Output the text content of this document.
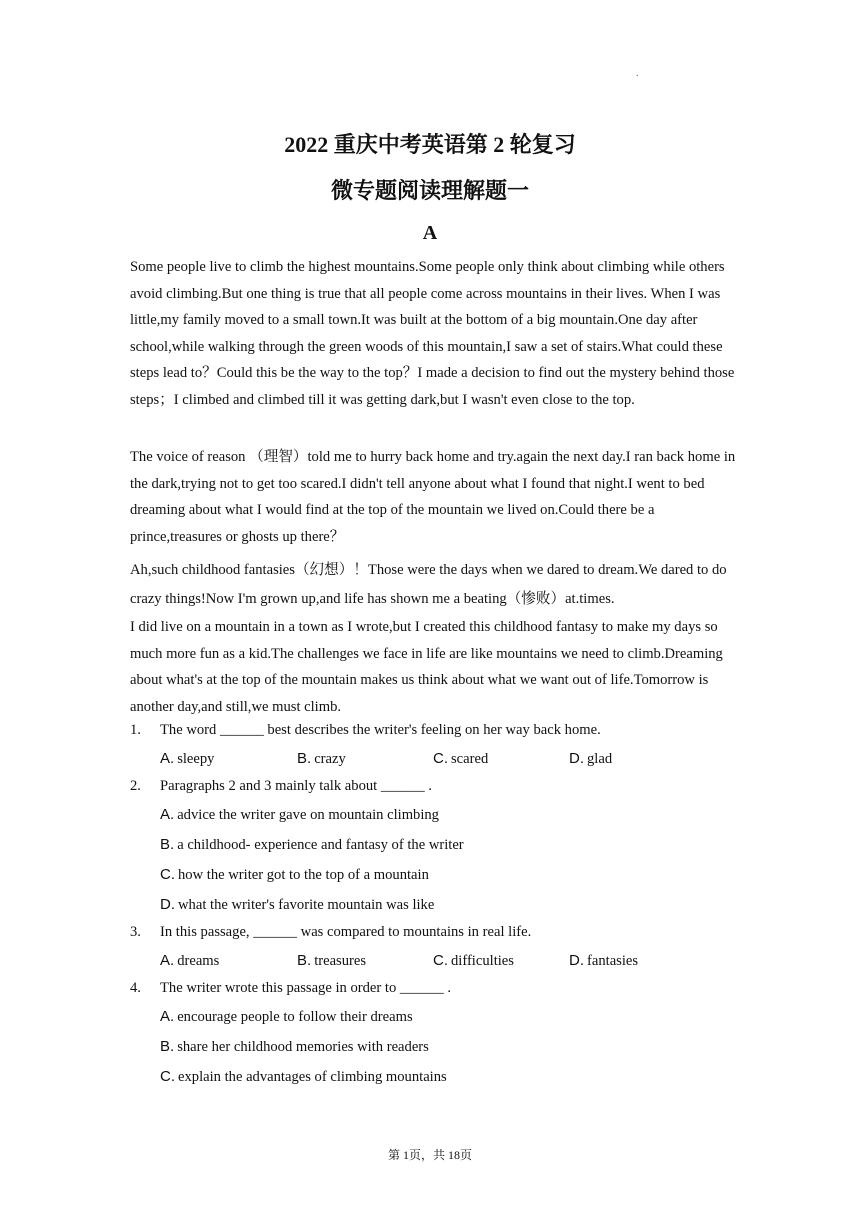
.
2022 重庆中考英语第 2 轮复习
微专题阅读理解题一
A

Some people live to climb the highest mountains.Some people only think about climbing while others avoid climbing.But one thing is true that all people come across mountains in their lives. When I was little,my family moved to a small town.It was built at the bottom of a big mountain.One day after school,while walking through the green woods of this mountain,I saw a set of stairs.What could these steps lead to？Could this be the way to the top？I made a decision to find out the mystery behind those steps；I climbed and climbed till it was getting dark,but I wasn't even close to the top.

The voice of reason （理智）told me to hurry back home and try.again the next day.I ran back home in the dark,trying not to get too scared.I didn't tell anyone about what I found that night.I went to bed dreaming about what I would find at the top of the mountain we lived on.Could there be a prince,treasures or ghosts up there？

Ah,such childhood fantasies（幻想）！Those were the days when we dared to dream.We dared to do crazy things!Now I'm grown up,and life has shown me a beating（惨败）at.times.

I did live on a mountain in a town as I wrote,but I created this childhood fantasy to make my days so much more fun as a kid.The challenges we face in life are like mountains we need to climb.Dreaming about what's at the top of the mountain makes us think about what we want out of life.Tomorrow is another day,and still,we must climb.

1. The word ______ best describes the writer's feeling on her way back home.
A. sleepy	B. crazy	C. scared	D. glad
2. Paragraphs 2 and 3 mainly talk about ______ .
A. advice the writer gave on mountain climbing
B. a childhood- experience and fantasy of the writer
C. how the writer got to the top of a mountain
D. what the writer's favorite mountain was like
3. In this passage, ______ was compared to mountains in real life.
A. dreams	B. treasures	C. difficulties	D. fantasies
4. The writer wrote this passage in order to ______ .
A. encourage people to follow their dreams
B. share her childhood memories with readers
C. explain the advantages of climbing mountains
第 1页，共 18页
